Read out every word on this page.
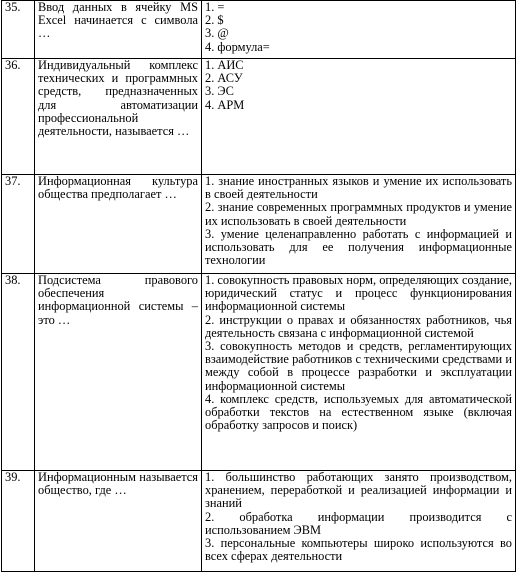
35.	Ввод данных в ячейку MS Excel начинается с символа …	1. =
2. $
3. @
4. формула=

36.	Индивидуальный комплекс технических и программных средств, предназначенных для автоматизации профессиональной деятельности, называется …	1. АИС
2. АСУ
3. ЭС
4. АРМ

37.	Информационная культура общества предполагает …	1. знание иностранных языков и умение их использовать в своей деятельности
2. знание современных программных продуктов и умение их использовать в своей деятельности
3. умение целенаправленно работать с информацией и использовать для ее получения информационные технологии

38.	Подсистема правового обеспечения информационной системы – это …	1. совокупность правовых норм, определяющих создание, юридический статус и процесс функционирования информационной системы
2. инструкции о правах и обязанностях работников, чья деятельность связана с информационной системой
3. совокупность методов и средств, регламентирующих взаимодействие работников с техническими средствами и между собой в процессе разработки и эксплуатации информационной системы
4. комплекс средств, используемых для автоматической обработки текстов на естественном языке (включая обработку запросов и поиск)

39.	Информационным называется обществo, где …	1. большинство работающих занято производством, хранением, переработкой и реализацией информации и знаний
2. обработка информации производится с использованием ЭВМ
3. персональные компьютеры широко используются во всех сферах деятельности
